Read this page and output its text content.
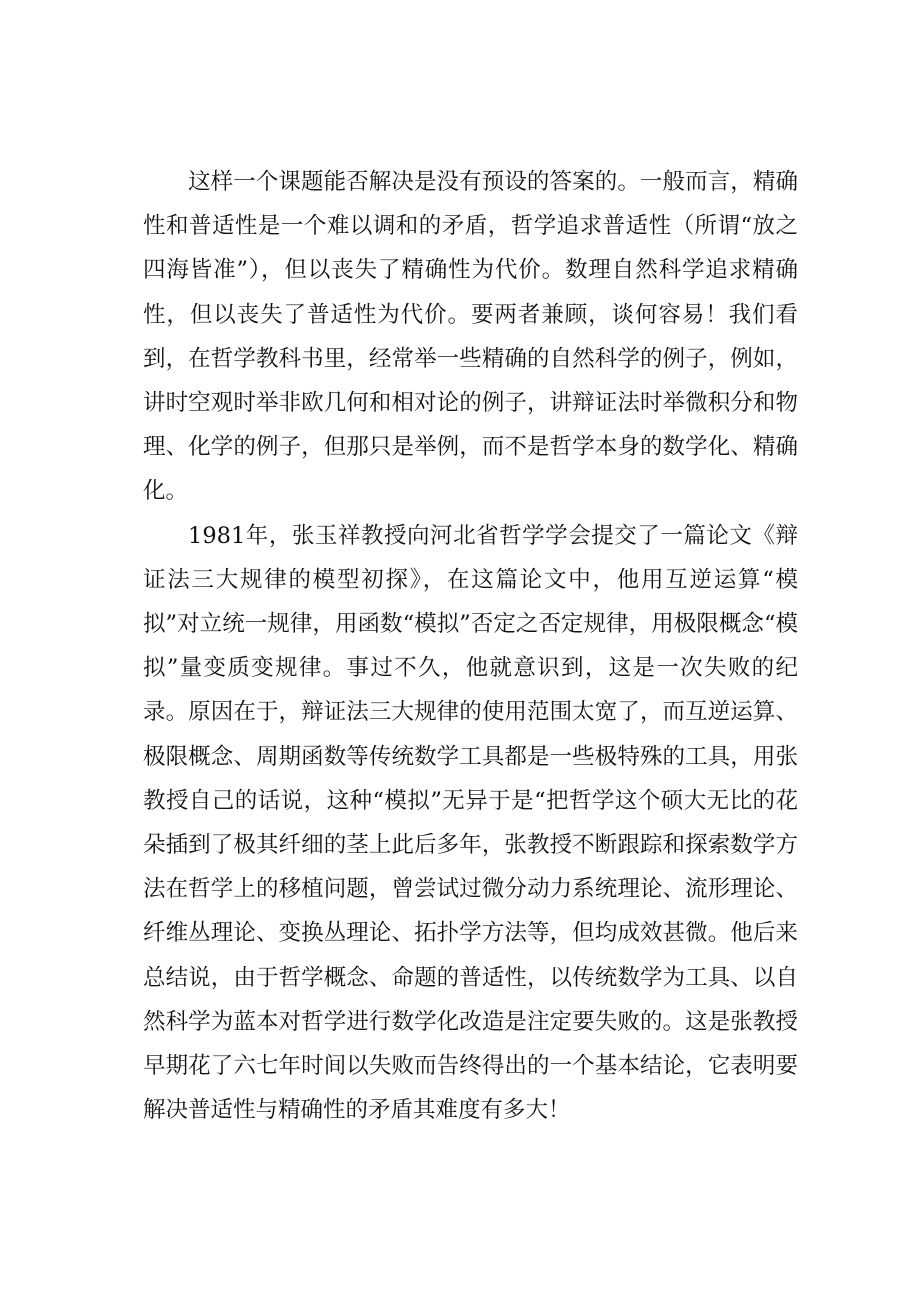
这样一个课题能否解决是没有预设的答案的。一般而言，精确性和普适性是一个难以调和的矛盾，哲学追求普适性（所谓“放之四海皆准”），但以丧失了精确性为代价。数理自然科学追求精确性，但以丧失了普适性为代价。要两者兼顾，谈何容易！我们看到，在哲学教科书里，经常举一些精确的自然科学的例子，例如，讲时空观时举非欧几何和相对论的例子，讲辩证法时举微积分和物理、化学的例子，但那只是举例，而不是哲学本身的数学化、精确化。

1981年，张玉祥教授向河北省哲学学会提交了一篇论文《辩证法三大规律的模型初探》，在这篇论文中，他用互逆运算“模拟”对立统一规律，用函数“模拟”否定之否定规律，用极限概念“模拟”量变质变规律。事过不久，他就意识到，这是一次失败的纪录。原因在于，辩证法三大规律的使用范围太宽了，而互逆运算、极限概念、周期函数等传统数学工具都是一些极特殊的工具，用张教授自己的话说，这种“模拟”无异于是“把哲学这个硕大无比的花朵插到了极其纤细的茎上此后多年，张教授不断跟踪和探索数学方法在哲学上的移植问题，曾尝试过微分动力系统理论、流形理论、纤维丛理论、变换丛理论、拓扑学方法等，但均成效甚微。他后来总结说，由于哲学概念、命题的普适性，以传统数学为工具、以自然科学为蓝本对哲学进行数学化改造是注定要失败的。这是张教授早期花了六七年时间以失败而告终得出的一个基本结论，它表明要解决普适性与精确性的矛盾其难度有多大！
